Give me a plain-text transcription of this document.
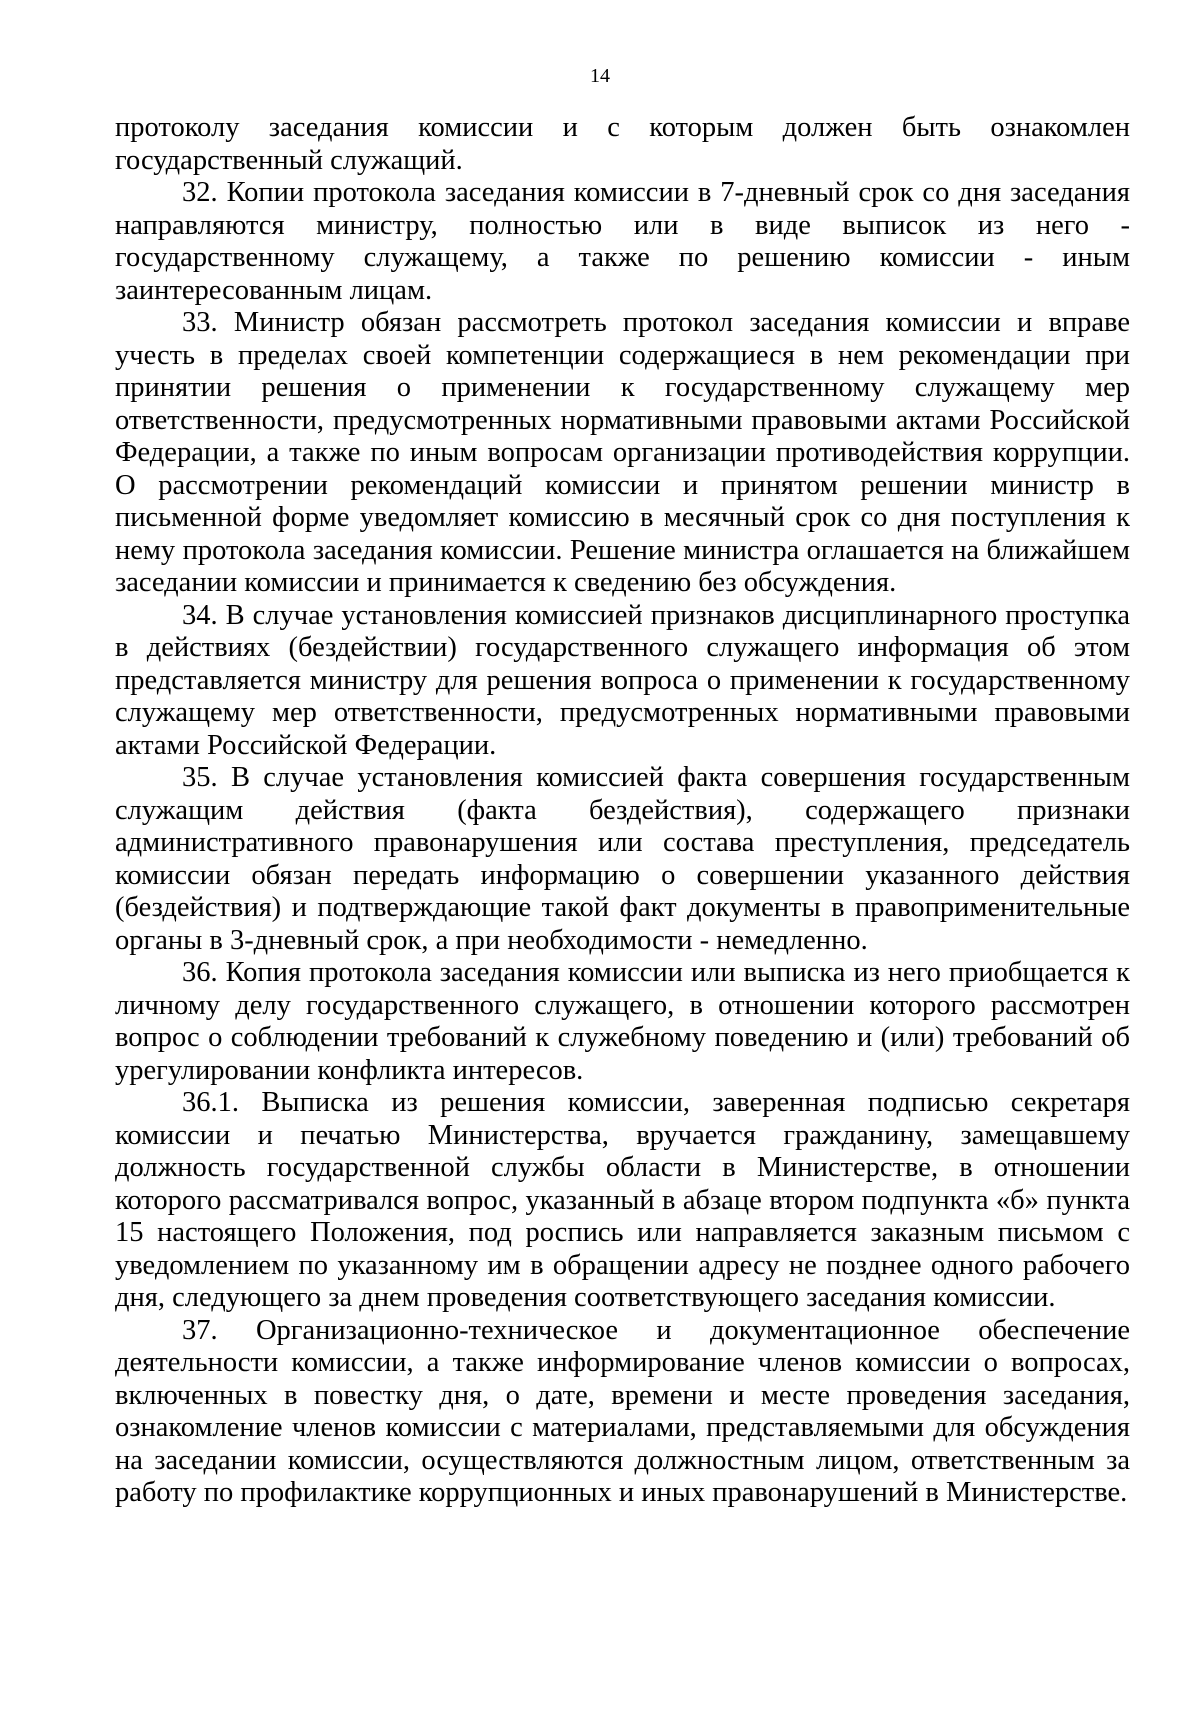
14

протоколу заседания комиссии и с которым должен быть ознакомлен государственный служащий.

32. Копии протокола заседания комиссии в 7-дневный срок со дня заседания направляются министру, полностью или в виде выписок из него - государственному служащему, а также по решению комиссии - иным заинтересованным лицам.

33. Министр обязан рассмотреть протокол заседания комиссии и вправе учесть в пределах своей компетенции содержащиеся в нем рекомендации при принятии решения о применении к государственному служащему мер ответственности, предусмотренных нормативными правовыми актами Российской Федерации, а также по иным вопросам организации противодействия коррупции. О рассмотрении рекомендаций комиссии и принятом решении министр в письменной форме уведомляет комиссию в месячный срок со дня поступления к нему протокола заседания комиссии. Решение министра оглашается на ближайшем заседании комиссии и принимается к сведению без обсуждения.

34. В случае установления комиссией признаков дисциплинарного проступка в действиях (бездействии) государственного служащего информация об этом представляется министру для решения вопроса о применении к государственному служащему мер ответственности, предусмотренных нормативными правовыми актами Российской Федерации.

35. В случае установления комиссией факта совершения государственным служащим действия (факта бездействия), содержащего признаки административного правонарушения или состава преступления, председатель комиссии обязан передать информацию о совершении указанного действия (бездействия) и подтверждающие такой факт документы в правоприменительные органы в 3-дневный срок, а при необходимости - немедленно.

36. Копия протокола заседания комиссии или выписка из него приобщается к личному делу государственного служащего, в отношении которого рассмотрен вопрос о соблюдении требований к служебному поведению и (или) требований об урегулировании конфликта интересов.

36.1. Выписка из решения комиссии, заверенная подписью секретаря комиссии и печатью Министерства, вручается гражданину, замещавшему должность государственной службы области в Министерстве, в отношении которого рассматривался вопрос, указанный в абзаце втором подпункта «б» пункта 15 настоящего Положения, под роспись или направляется заказным письмом с уведомлением по указанному им в обращении адресу не позднее одного рабочего дня, следующего за днем проведения соответствующего заседания комиссии.

37. Организационно-техническое и документационное обеспечение деятельности комиссии, а также информирование членов комиссии о вопросах, включенных в повестку дня, о дате, времени и месте проведения заседания, ознакомление членов комиссии с материалами, представляемыми для обсуждения на заседании комиссии, осуществляются должностным лицом, ответственным за работу по профилактике коррупционных и иных правонарушений в Министерстве.
